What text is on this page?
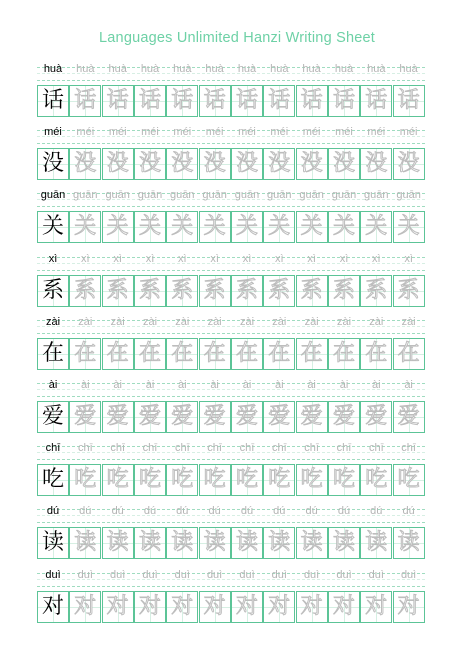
Languages Unlimited Hanzi Writing Sheet
huà
话
huà
话
huà
话
huà
话
huà
话
huà
话
huà
话
huà
话
huà
话
huà
话
huà
话
huà
话
méi
没
méi
没
méi
没
méi
没
méi
没
méi
没
méi
没
méi
没
méi
没
méi
没
méi
没
méi
没
guān
关
guān
关
guān
关
guān
关
guān
关
guān
关
guān
关
guān
关
guān
关
guān
关
guān
关
guān
关
xì
系
xì
系
xì
系
xì
系
xì
系
xì
系
xì
系
xì
系
xì
系
xì
系
xì
系
xì
系
zài
在
zài
在
zài
在
zài
在
zài
在
zài
在
zài
在
zài
在
zài
在
zài
在
zài
在
zài
在
ài
爱
ài
爱
ài
爱
ài
爱
ài
爱
ài
爱
ài
爱
ài
爱
ài
爱
ài
爱
ài
爱
ài
爱
chī
吃
chī
吃
chī
吃
chī
吃
chī
吃
chī
吃
chī
吃
chī
吃
chī
吃
chī
吃
chī
吃
chī
吃
dú
读
dú
读
dú
读
dú
读
dú
读
dú
读
dú
读
dú
读
dú
读
dú
读
dú
读
dú
读
duì
对
duì
对
duì
对
duì
对
duì
对
duì
对
duì
对
duì
对
duì
对
duì
对
duì
对
duì
对
